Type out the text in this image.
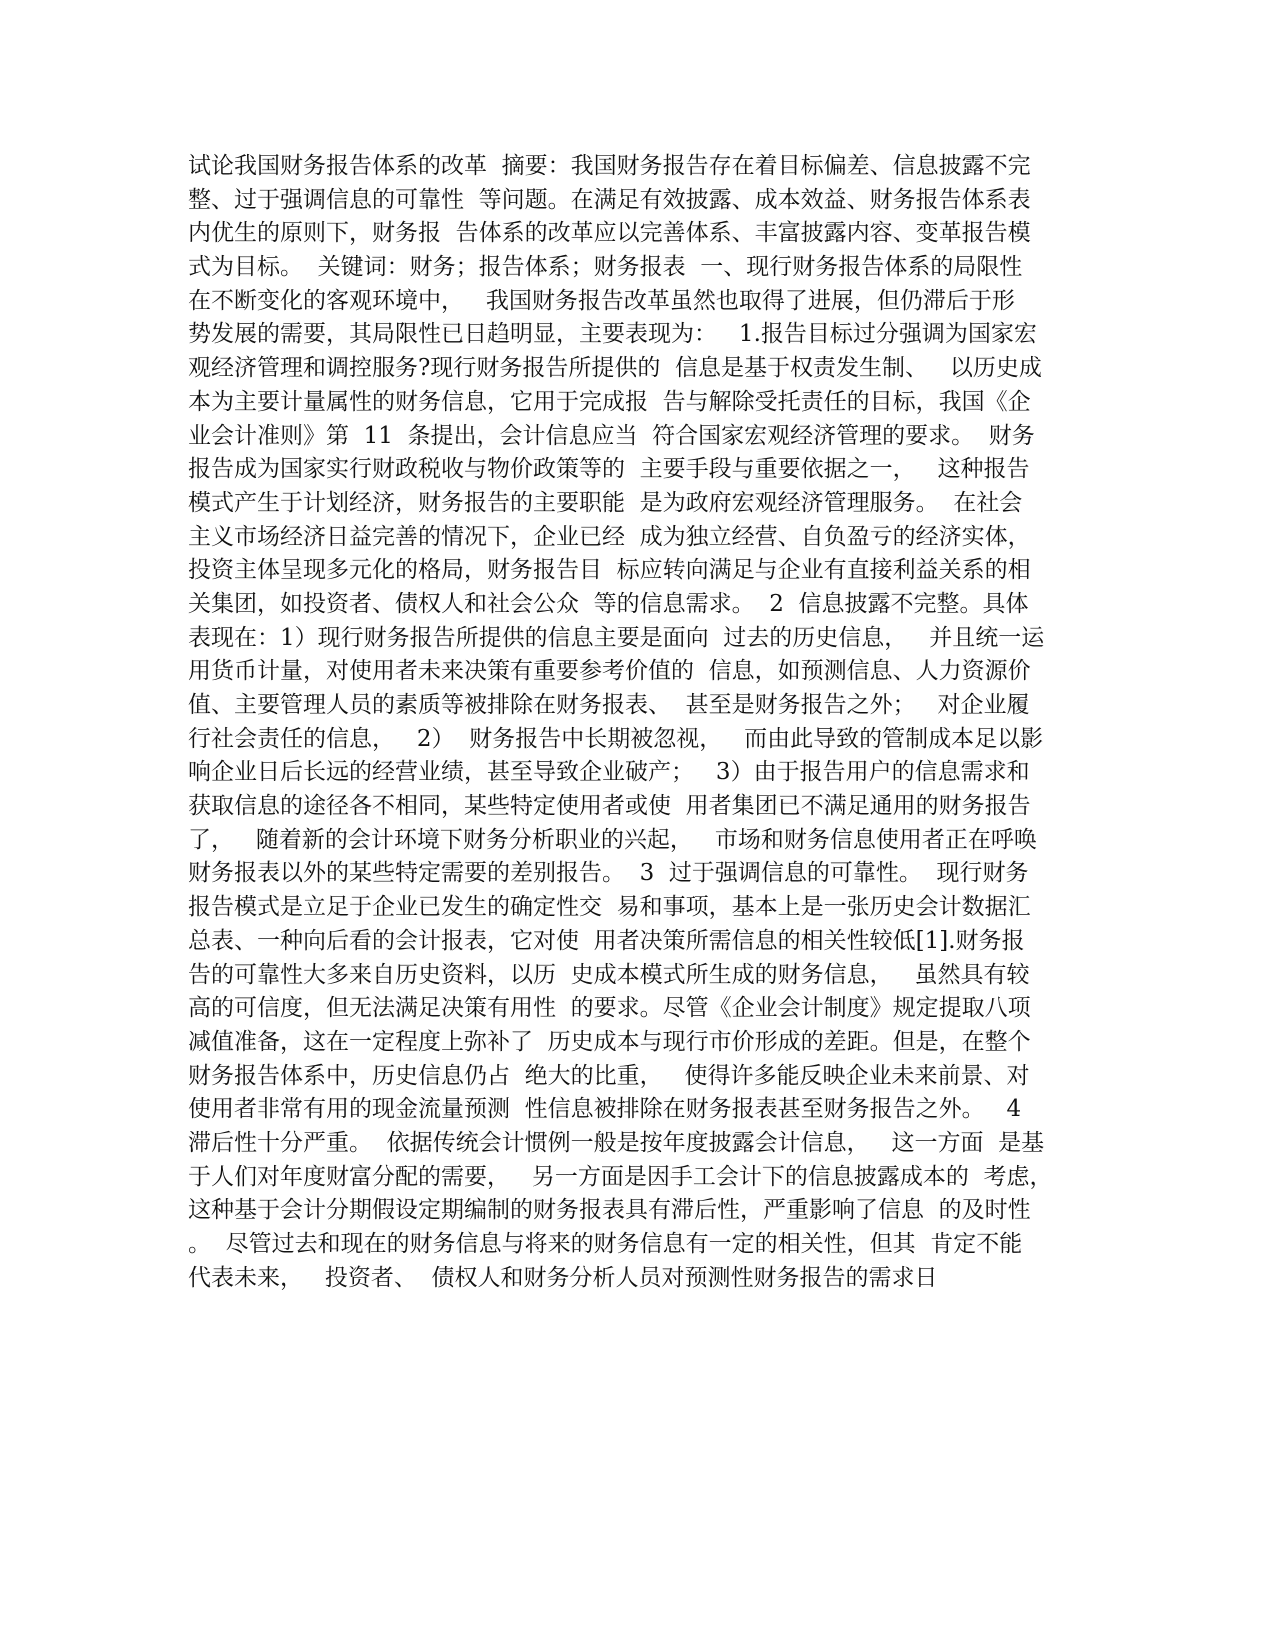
试论我国财务报告体系的改革  摘要：我国财务报告存在着目标偏差、信息披露不完
整、过于强调信息的可靠性  等问题。在满足有效披露、成本效益、财务报告体系表
内优生的原则下，财务报  告体系的改革应以完善体系、丰富披露内容、变革报告模
式为目标。  关键词：财务；报告体系；财务报表  一、现行财务报告体系的局限性
在不断变化的客观环境中，   我国财务报告改革虽然也取得了进展，但仍滞后于形
势发展的需要，其局限性已日趋明显，主要表现为：   1.报告目标过分强调为国家宏
观经济管理和调控服务?现行财务报告所提供的  信息是基于权责发生制、   以历史成
本为主要计量属性的财务信息，它用于完成报  告与解除受托责任的目标，我国《企
业会计准则》第  11  条提出，会计信息应当  符合国家宏观经济管理的要求。  财务
报告成为国家实行财政税收与物价政策等的  主要手段与重要依据之一，   这种报告
模式产生于计划经济，财务报告的主要职能  是为政府宏观经济管理服务。  在社会
主义市场经济日益完善的情况下，企业已经  成为独立经营、自负盈亏的经济实体，
投资主体呈现多元化的格局，财务报告目  标应转向满足与企业有直接利益关系的相
关集团，如投资者、债权人和社会公众  等的信息需求。  2  信息披露不完整。具体
表现在：1）现行财务报告所提供的信息主要是面向  过去的历史信息，   并且统一运
用货币计量，对使用者未来决策有重要参考价值的  信息，如预测信息、人力资源价
值、主要管理人员的素质等被排除在财务报表、  甚至是财务报告之外；   对企业履
行社会责任的信息，   2）  财务报告中长期被忽视，   而由此导致的管制成本足以影
响企业日后长远的经营业绩，甚至导致企业破产；   3）由于报告用户的信息需求和
获取信息的途径各不相同，某些特定使用者或使  用者集团已不满足通用的财务报告
了，   随着新的会计环境下财务分析职业的兴起，   市场和财务信息使用者正在呼唤
财务报表以外的某些特定需要的差别报告。  3  过于强调信息的可靠性。  现行财务
报告模式是立足于企业已发生的确定性交  易和事项，基本上是一张历史会计数据汇
总表、一种向后看的会计报表，它对使  用者决策所需信息的相关性较低[1].财务报
告的可靠性大多来自历史资料，以历  史成本模式所生成的财务信息，   虽然具有较
高的可信度，但无法满足决策有用性  的要求。尽管《企业会计制度》规定提取八项
减值准备，这在一定程度上弥补了  历史成本与现行市价形成的差距。但是，在整个
财务报告体系中，历史信息仍占  绝大的比重，   使得许多能反映企业未来前景、对
使用者非常有用的现金流量预测  性信息被排除在财务报表甚至财务报告之外。   4
滞后性十分严重。  依据传统会计惯例一般是按年度披露会计信息，   这一方面  是基
于人们对年度财富分配的需要，   另一方面是因手工会计下的信息披露成本的  考虑，
这种基于会计分期假设定期编制的财务报表具有滞后性，严重影响了信息  的及时性
。  尽管过去和现在的财务信息与将来的财务信息有一定的相关性，但其  肯定不能
代表未来，   投资者、  债权人和财务分析人员对预测性财务报告的需求日
